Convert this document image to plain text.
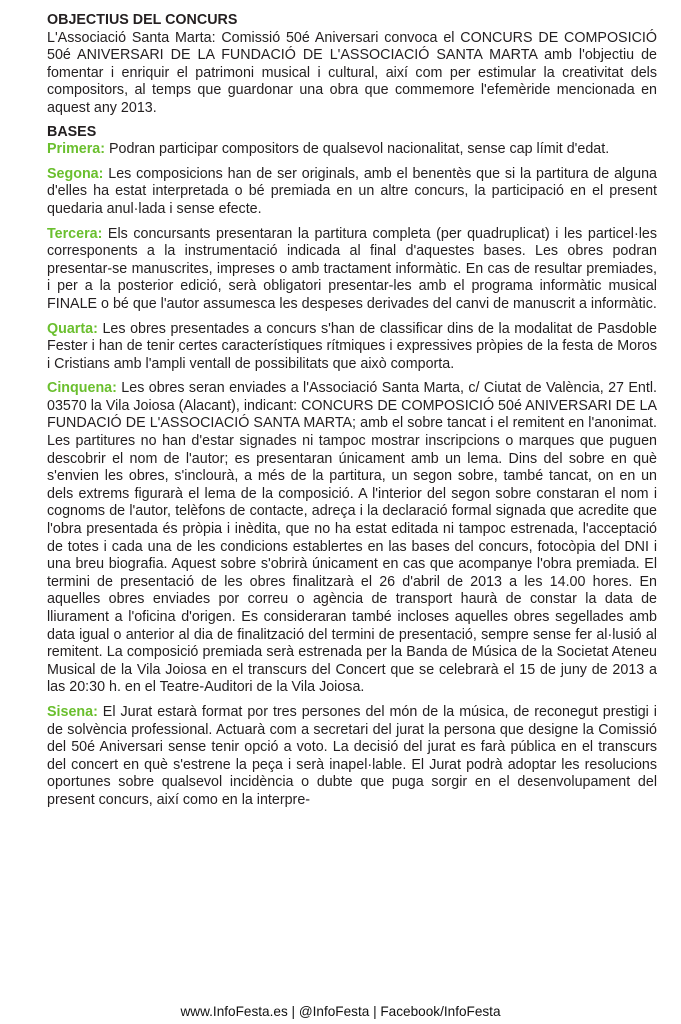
OBJECTIUS DEL CONCURS

L'Associació Santa Marta: Comissió 50é Aniversari convoca el CONCURS DE COMPOSICIÓ 50é ANIVERSARI DE LA FUNDACIÓ DE L'ASSOCIACIÓ SANTA MARTA amb l'objectiu de fomentar i enriquir el patrimoni musical i cultural, així com per estimular la creativitat dels compositors, al temps que guardonar una obra que commemore l'efemèride mencionada en aquest any 2013.

BASES

Primera: Podran participar compositors de qualsevol nacionalitat, sense cap límit d'edat.

Segona: Les composicions han de ser originals, amb el benentès que si la partitura de alguna d'elles ha estat interpretada o bé premiada en un altre concurs, la participació en el present quedaria anul·lada i sense efecte.

Tercera: Els concursants presentaran la partitura completa (per quadruplicat) i les particel·les corresponents a la instrumentació indicada al final d'aquestes bases. Les obres podran presentar-se manuscrites, impreses o amb tractament informàtic. En cas de resultar premiades, i per a la posterior edició, serà obligatori presentar-les amb el programa informàtic musical FINALE o bé que l'autor assumesca les despeses derivades del canvi de manuscrit a informàtic.

Quarta: Les obres presentades a concurs s'han de classificar dins de la modalitat de Pasdoble Fester i han de tenir certes característiques rítmiques i expressives pròpies de la festa de Moros i Cristians amb l'ampli ventall de possibilitats que això comporta.

Cinquena: Les obres seran enviades a l'Associació Santa Marta, c/ Ciutat de València, 27 Entl. 03570 la Vila Joiosa (Alacant), indicant: CONCURS DE COMPOSICIÓ 50é ANIVERSARI DE LA FUNDACIÓ DE L'ASSOCIACIÓ SANTA MARTA; amb el sobre tancat i el remitent en l'anonimat. Les partitures no han d'estar signades ni tampoc mostrar inscripcions o marques que puguen descobrir el nom de l'autor; es presentaran únicament amb un lema. Dins del sobre en què s'envien les obres, s'inclourà, a més de la partitura, un segon sobre, també tancat, on en un dels extrems figurarà el lema de la composició. A l'interior del segon sobre constaran el nom i cognoms de l'autor, telèfons de contacte, adreça i la declaració formal signada que acredite que l'obra presentada és pròpia i inèdita, que no ha estat editada ni tampoc estrenada, l'acceptació de totes i cada una de les condicions establertes en las bases del concurs, fotocòpia del DNI i una breu biografia. Aquest sobre s'obrirà únicament en cas que acompanye l'obra premiada. El termini de presentació de les obres finalitzarà el 26 d'abril de 2013 a les 14.00 hores. En aquelles obres enviades por correu o agència de transport haurà de constar la data de lliurament a l'oficina d'origen. Es consideraran també incloses aquelles obres segellades amb data igual o anterior al dia de finalització del termini de presentació, sempre sense fer al·lusió al remitent. La composició premiada serà estrenada per la Banda de Música de la Societat Ateneu Musical de la Vila Joiosa en el transcurs del Concert que se celebrarà el 15 de juny de 2013 a las 20:30 h. en el Teatre-Auditori de la Vila Joiosa.

Sisena: El Jurat estarà format por tres persones del món de la música, de reconegut prestigi i de solvència professional. Actuarà com a secretari del jurat la persona que designe la Comissió del 50é Aniversari sense tenir opció a voto. La decisió del jurat es farà pública en el transcurs del concert en què s'estrene la peça i serà inapel·lable. El Jurat podrà adoptar les resolucions oportunes sobre qualsevol incidència o dubte que puga sorgir en el desenvolupament del present concurs, així como en la interpre-

www.InfoFesta.es | @InfoFesta | Facebook/InfoFesta
